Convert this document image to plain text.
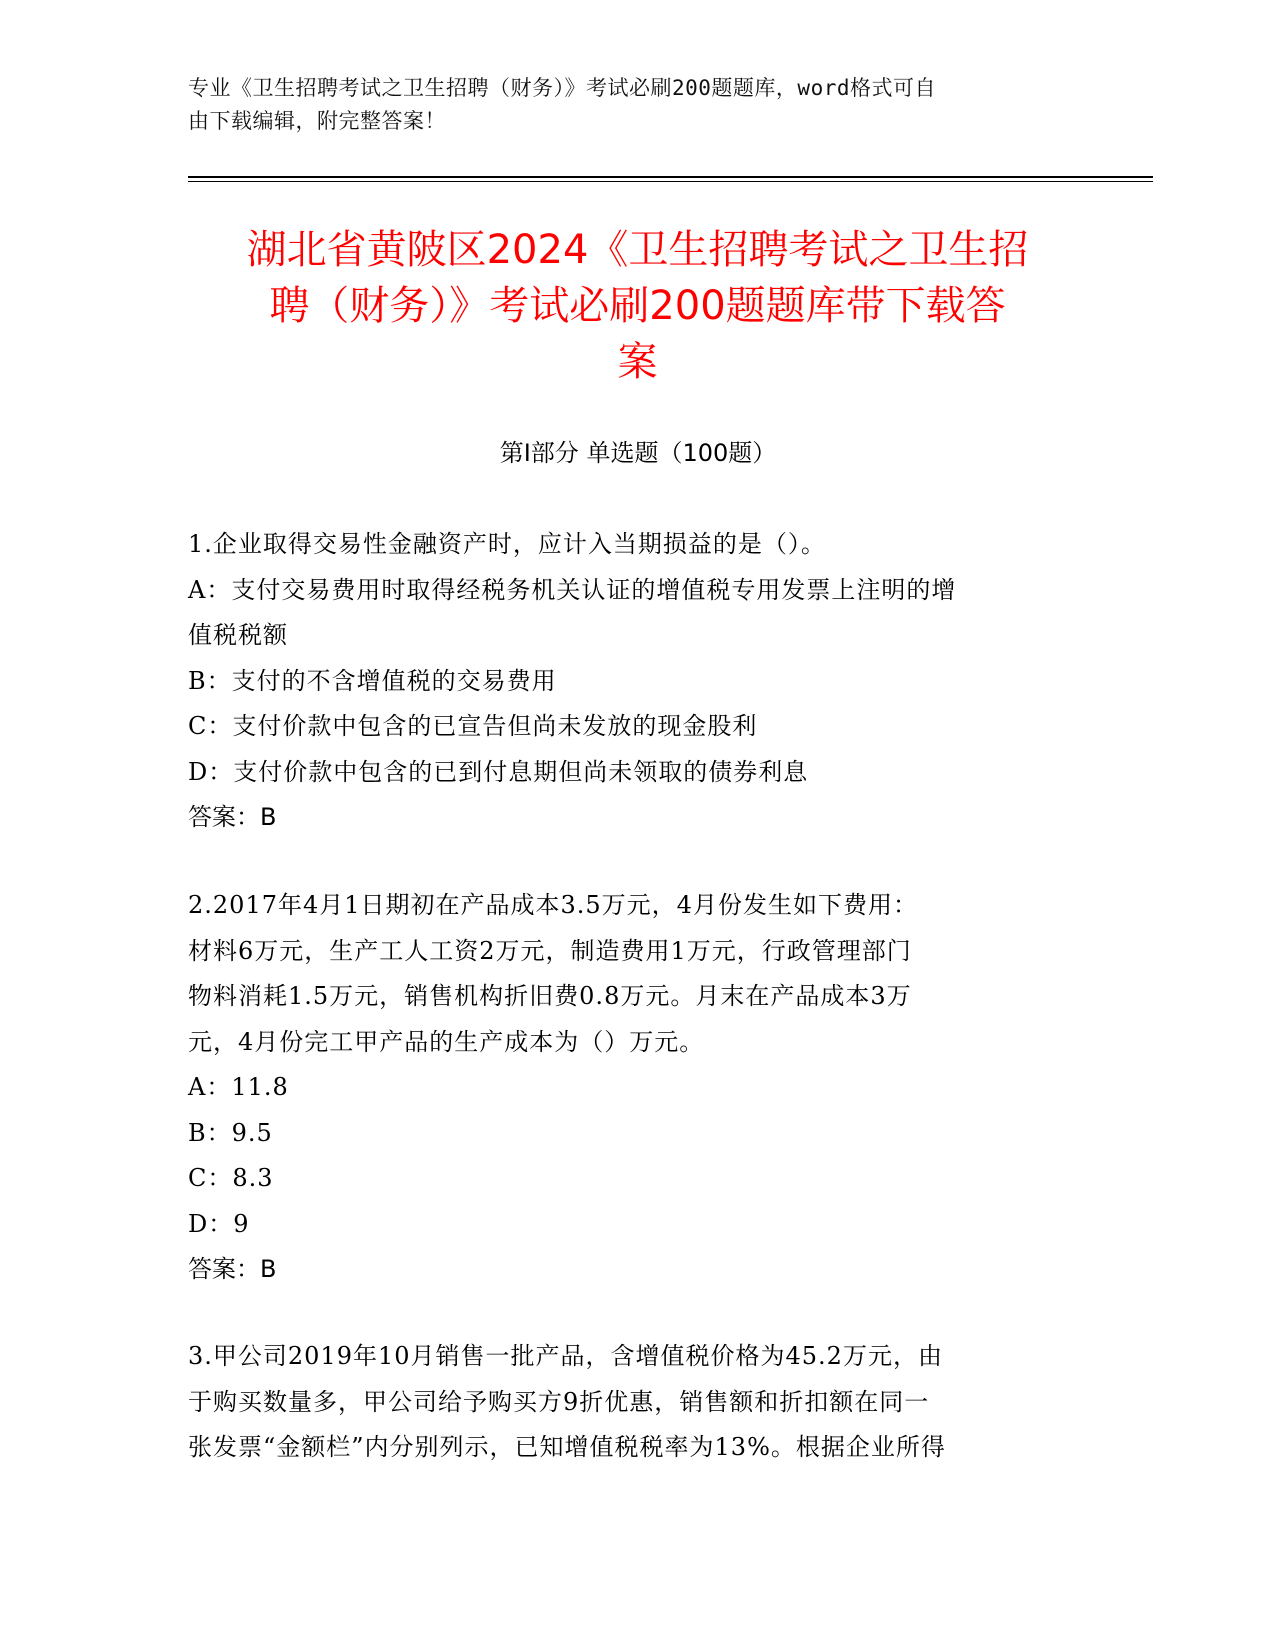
专业《卫生招聘考试之卫生招聘（财务）》考试必刷200题题库，word格式可自
由下载编辑，附完整答案！
湖北省黄陂区2024《卫生招聘考试之卫生招
聘（财务）》考试必刷200题题库带下载答
案
第Ⅰ部分 单选题（100题）
1.企业取得交易性金融资产时，应计入当期损益的是（）。
A：支付交易费用时取得经税务机关认证的增值税专用发票上注明的增
值税税额
B：支付的不含增值税的交易费用
C：支付价款中包含的已宣告但尚未发放的现金股利
D：支付价款中包含的已到付息期但尚未领取的债券利息
答案：B
2.2017年4月1日期初在产品成本3.5万元，4月份发生如下费用：
材料6万元，生产工人工资2万元，制造费用1万元，行政管理部门
物料消耗1.5万元，销售机构折旧费0.8万元。月末在产品成本3万
元，4月份完工甲产品的生产成本为（）万元。
A：11.8
B：9.5
C：8.3
D：9
答案：B
3.甲公司2019年10月销售一批产品，含增值税价格为45.2万元，由
于购买数量多，甲公司给予购买方9折优惠，销售额和折扣额在同一
张发票“金额栏”内分别列示，已知增值税税率为13%。根据企业所得
